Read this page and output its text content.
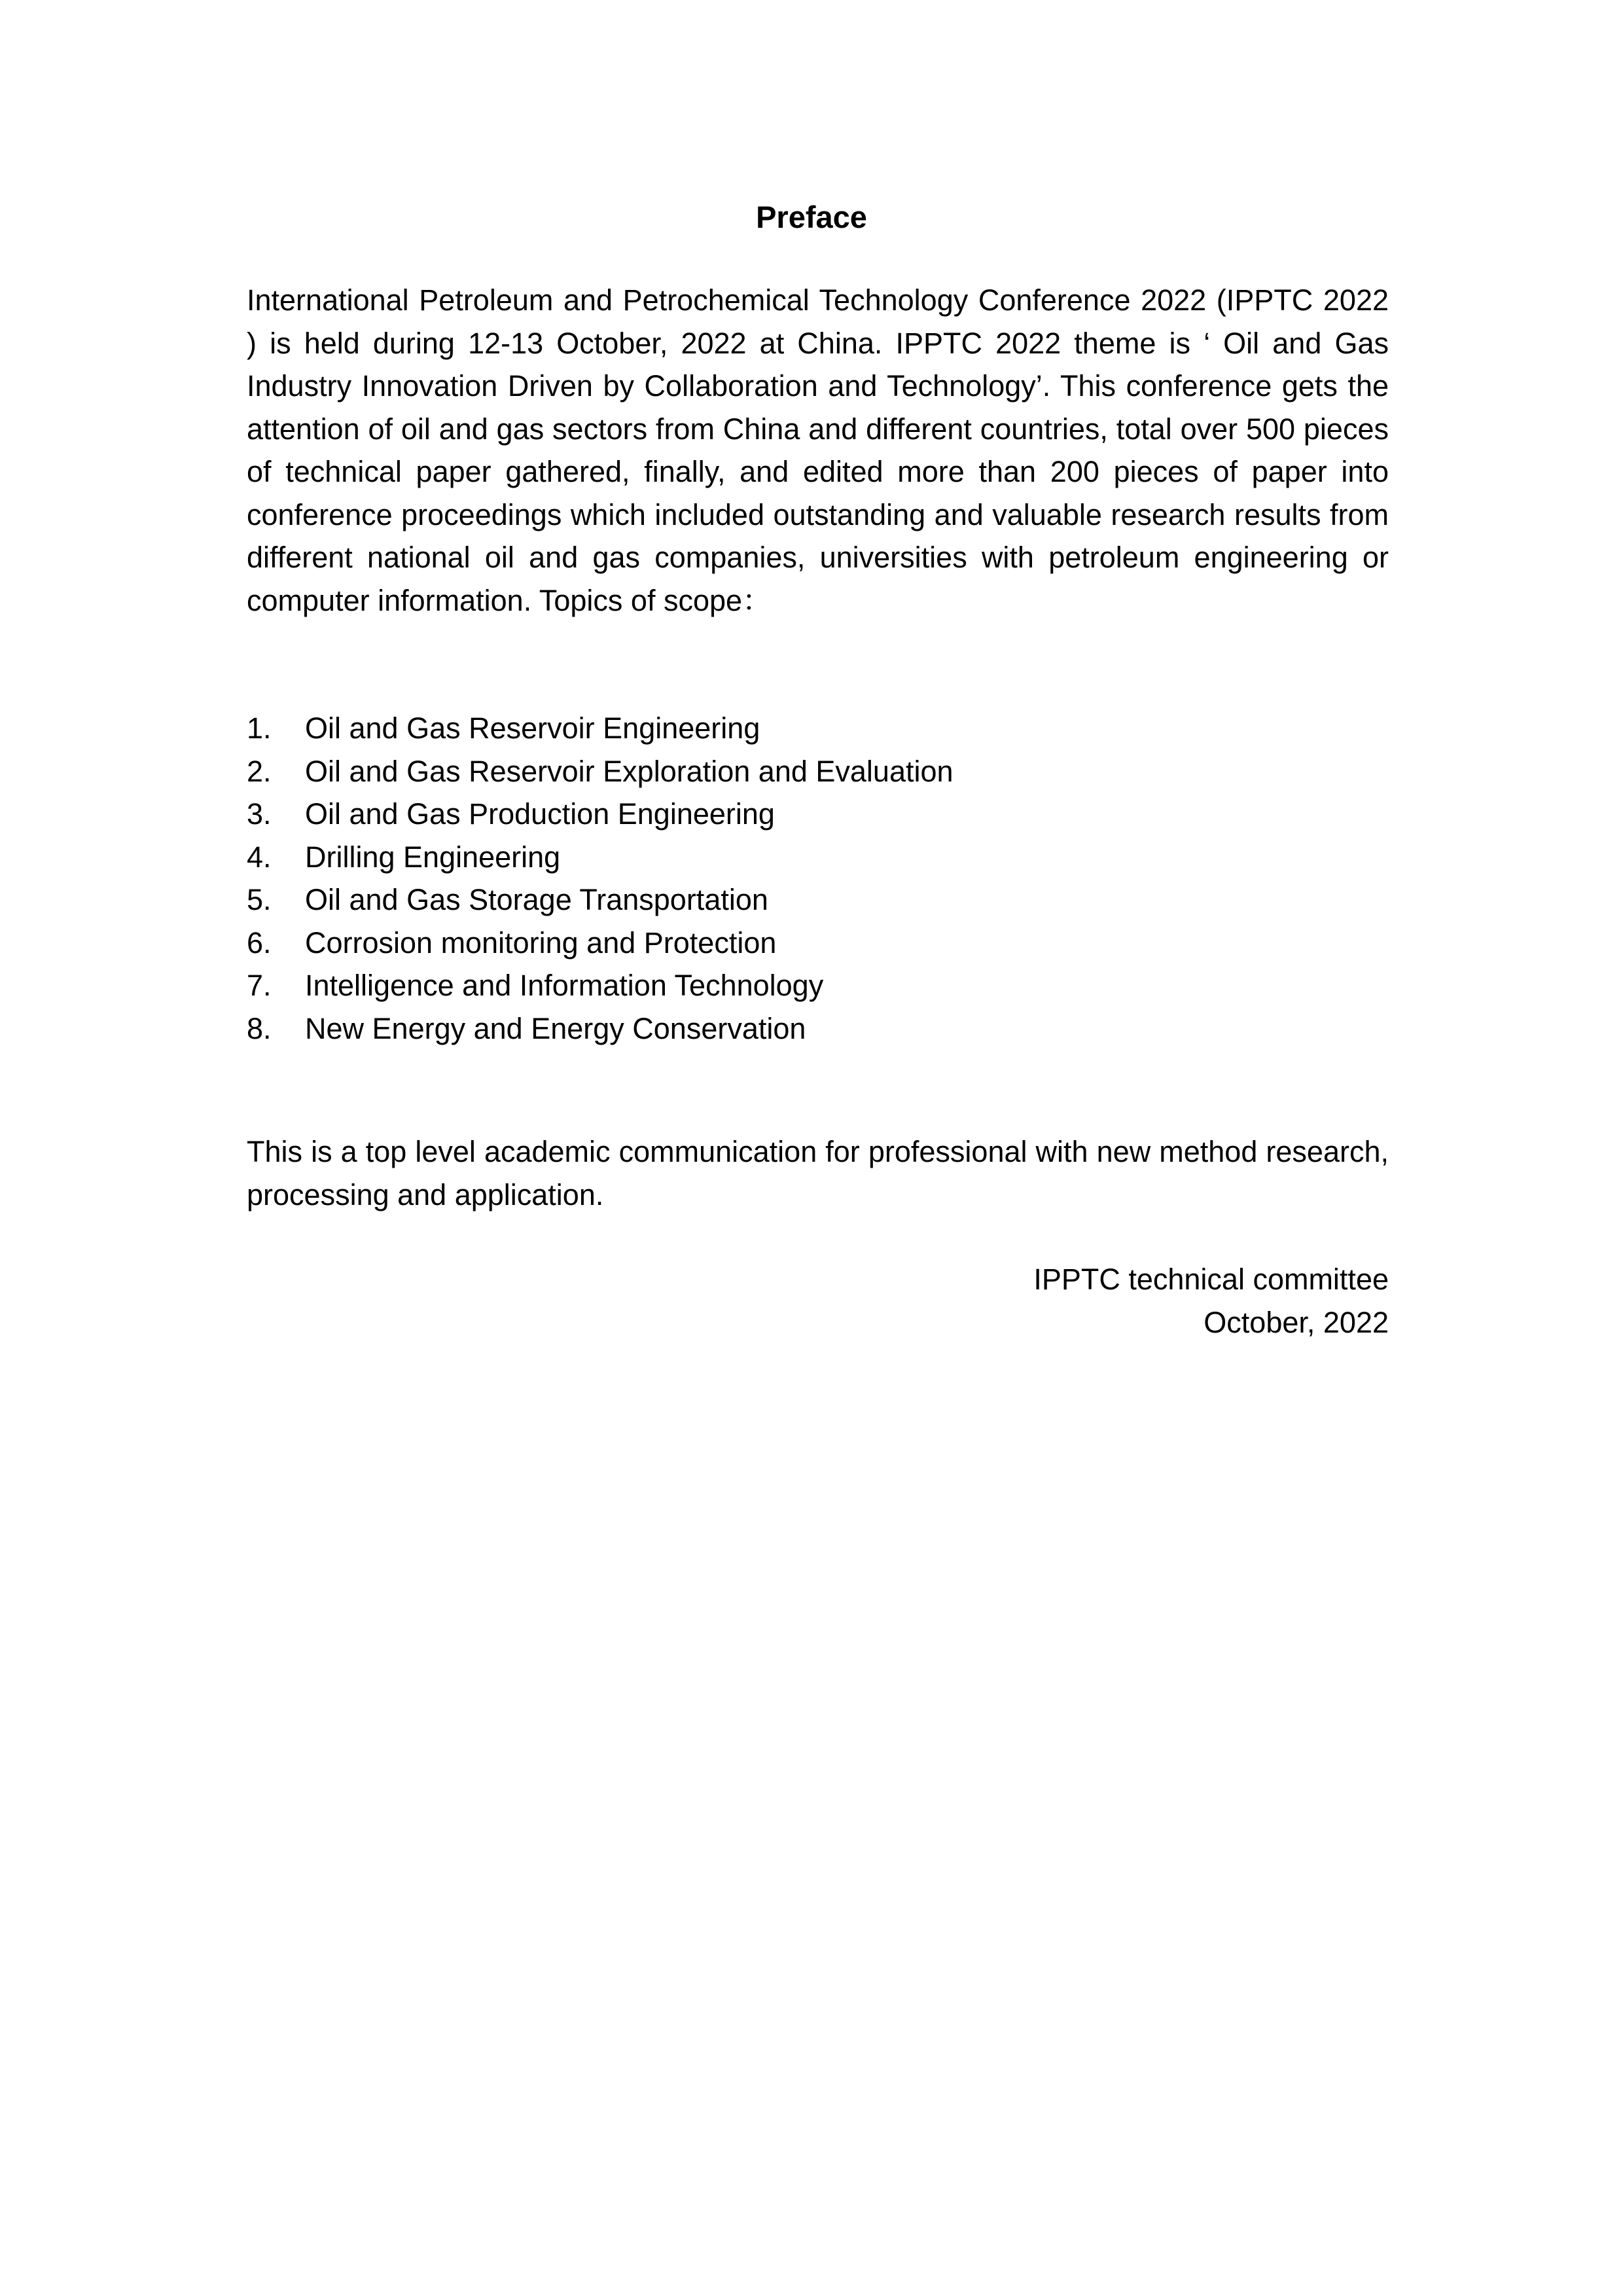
Preface

International Petroleum and Petrochemical Technology Conference 2022 (IPPTC 2022 ) is held during 12-13 October, 2022 at China. IPPTC 2022 theme is ‘ Oil and Gas Industry Innovation Driven by Collaboration and Technology’. This conference gets the attention of oil and gas sectors from China and different countries, total over 500 pieces of technical paper gathered, finally, and edited more than 200 pieces of paper into conference proceedings which included outstanding and valuable research results from different national oil and gas companies, universities with petroleum engineering or computer information. Topics of scope：

1.	Oil and Gas Reservoir Engineering
2.	Oil and Gas Reservoir Exploration and Evaluation
3.	Oil and Gas Production Engineering
4.	Drilling Engineering
5.	Oil and Gas Storage Transportation
6.	Corrosion monitoring and Protection
7.	Intelligence and Information Technology
8.	New Energy and Energy Conservation

This is a top level academic communication for professional with new method research, processing and application.

IPPTC technical committee
October, 2022
